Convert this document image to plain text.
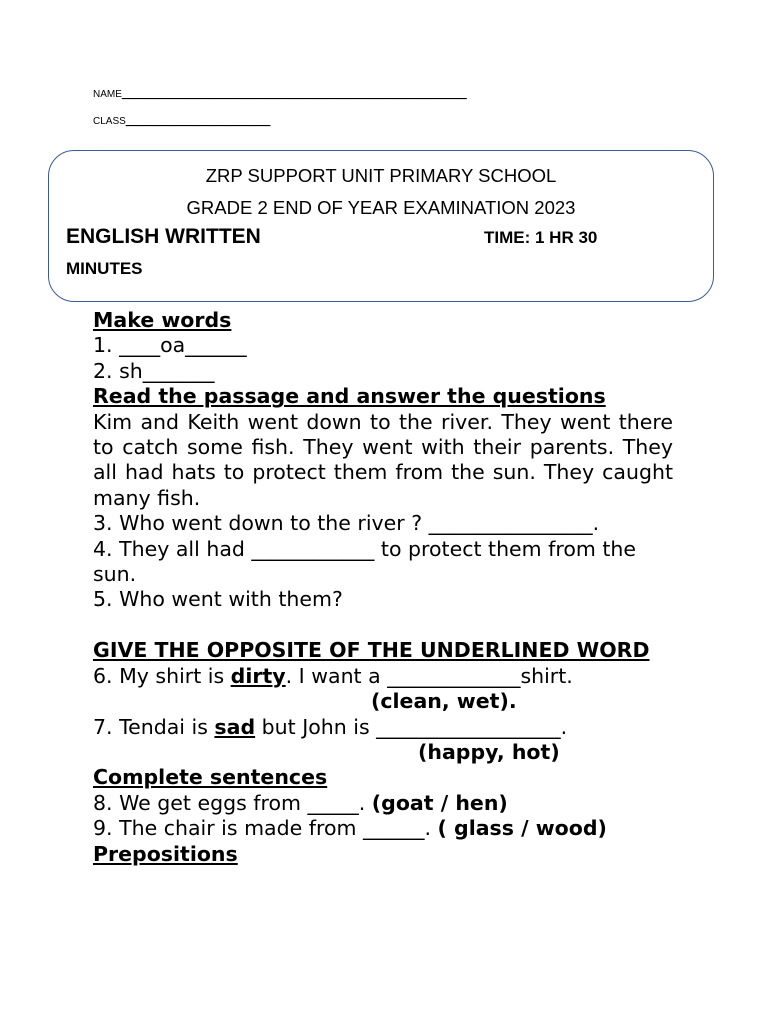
NAME______________________________________________________________
CLASS__________________________
ZRP SUPPORT UNIT PRIMARY SCHOOL
GRADE 2 END OF YEAR EXAMINATION 2023
ENGLISH WRITTEN	TIME: 1 HR 30
MINUTES

Make words
1. ____oa______
2. sh_______
Read the passage and answer the questions
Kim and Keith went down to the river. They went there to catch some fish. They went with their parents. They all had hats to protect them from the sun. They caught many fish.
3. Who went down to the river ? ________________.
4. They all had ____________ to protect them from the sun.
5. Who went with them?

GIVE THE OPPOSITE OF THE UNDERLINED WORD
6. My shirt is dirty. I want a _____________shirt.
(clean, wet).
7. Tendai is sad but John is __________________.
(happy, hot)
Complete sentences
8. We get eggs from _____. (goat / hen)
9. The chair is made from ______. ( glass / wood)
Prepositions
